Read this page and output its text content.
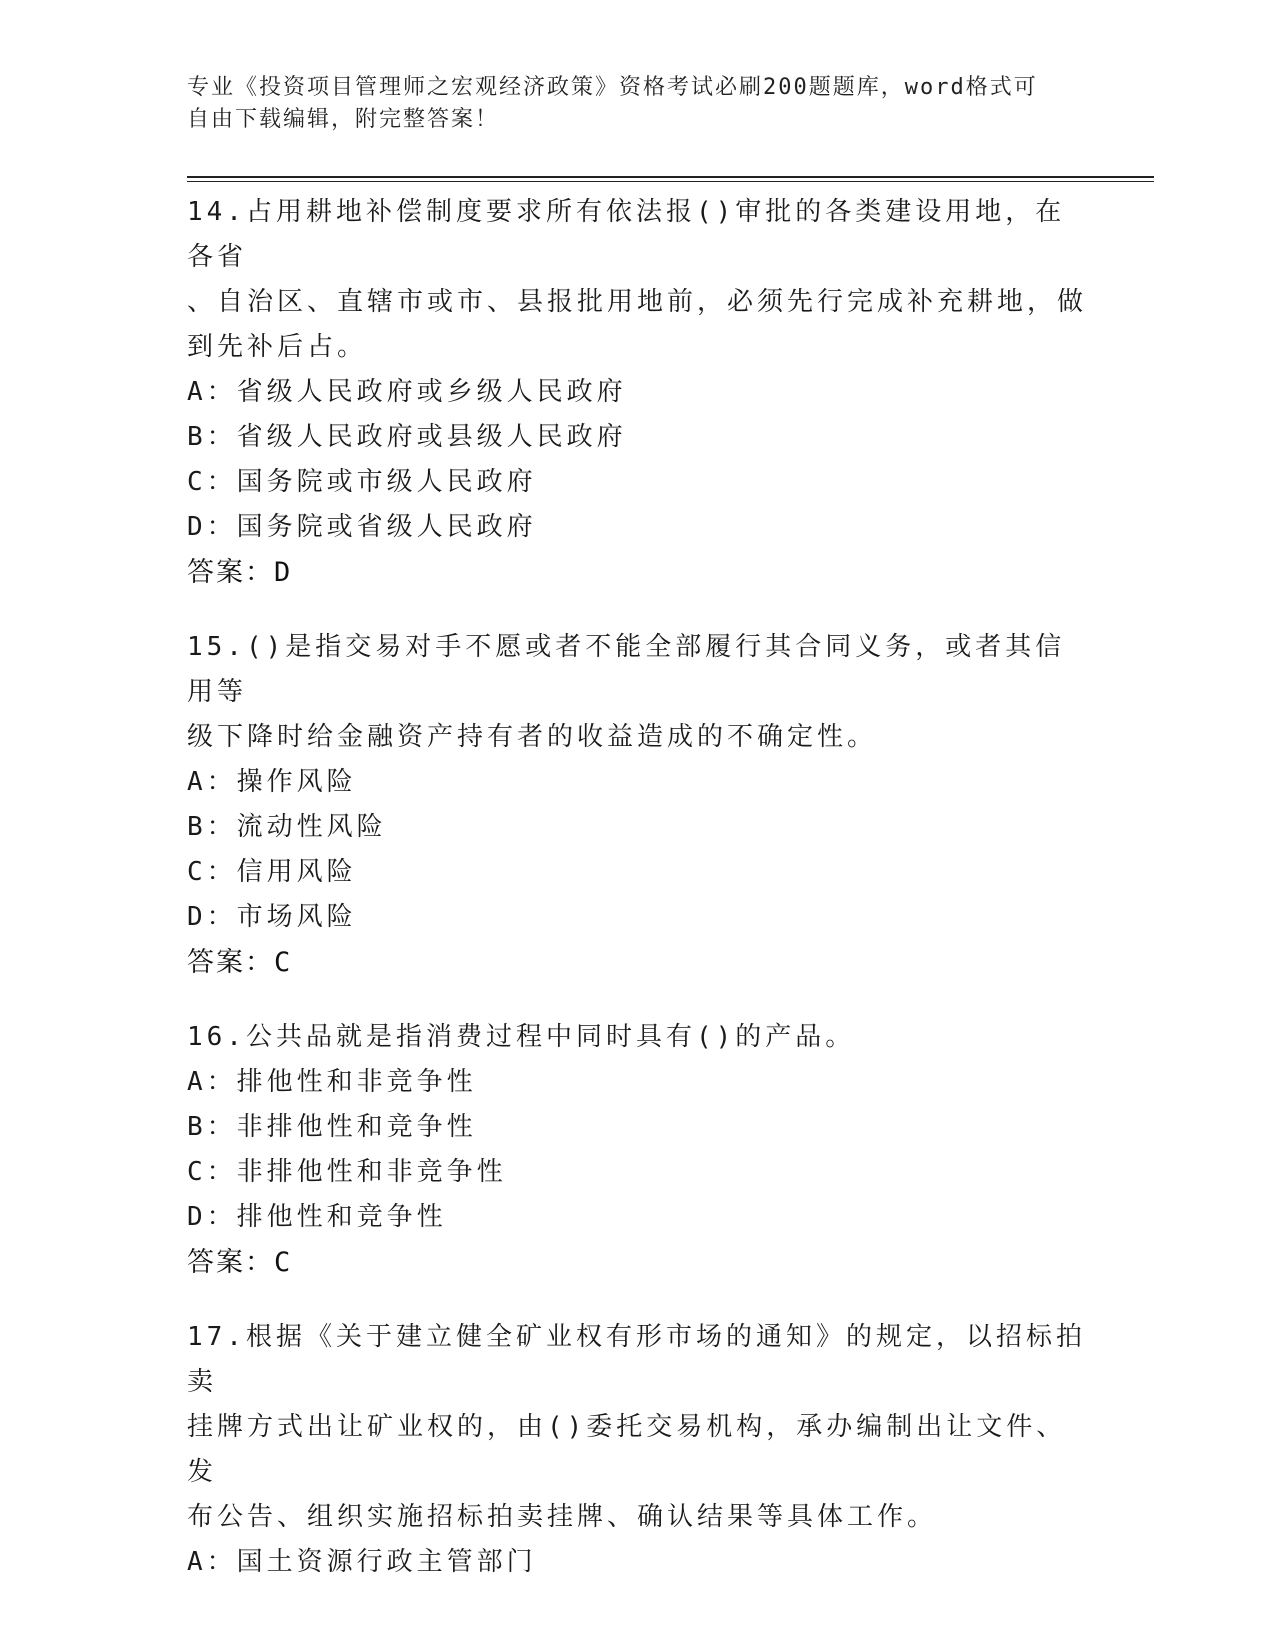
专业《投资项目管理师之宏观经济政策》资格考试必刷200题题库，word格式可
自由下载编辑，附完整答案！
14.占用耕地补偿制度要求所有依法报()审批的各类建设用地，在各省
、自治区、直辖市或市、县报批用地前，必须先行完成补充耕地，做
到先补后占。
A：省级人民政府或乡级人民政府
B：省级人民政府或县级人民政府
C：国务院或市级人民政府
D：国务院或省级人民政府
答案：D
15.()是指交易对手不愿或者不能全部履行其合同义务，或者其信用等
级下降时给金融资产持有者的收益造成的不确定性。
A：操作风险
B：流动性风险
C：信用风险
D：市场风险
答案：C
16.公共品就是指消费过程中同时具有()的产品。
A：排他性和非竞争性
B：非排他性和竞争性
C：非排他性和非竞争性
D：排他性和竞争性
答案：C
17.根据《关于建立健全矿业权有形市场的通知》的规定，以招标拍卖
挂牌方式出让矿业权的，由()委托交易机构，承办编制出让文件、发
布公告、组织实施招标拍卖挂牌、确认结果等具体工作。
A：国土资源行政主管部门
